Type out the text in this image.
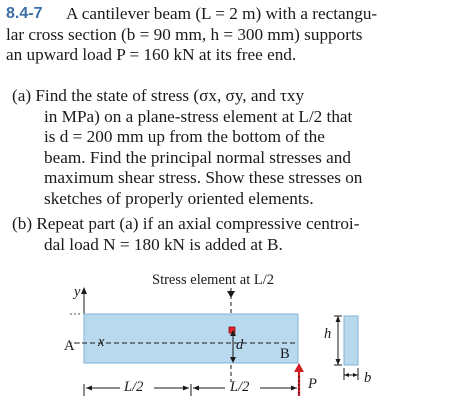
8.4-7	A cantilever beam (L = 2 m) with a rectangu-
lar cross section (b = 90 mm, h = 300 mm) supports
an upward load P = 160 kN at its free end.
(a) Find the state of stress (σx, σy, and τxy
in MPa) on a plane-stress element at L/2 that
is d = 200 mm up from the bottom of the
beam. Find the principal normal stresses and
maximum shear stress. Show these stresses on
sketches of properly oriented elements.
(b) Repeat part (a) if an axial compressive centroi-
dal load N = 180 kN is added at B.
Stress element at L/2
y
x
A	B
d
P
L/2	L/2
h
b
